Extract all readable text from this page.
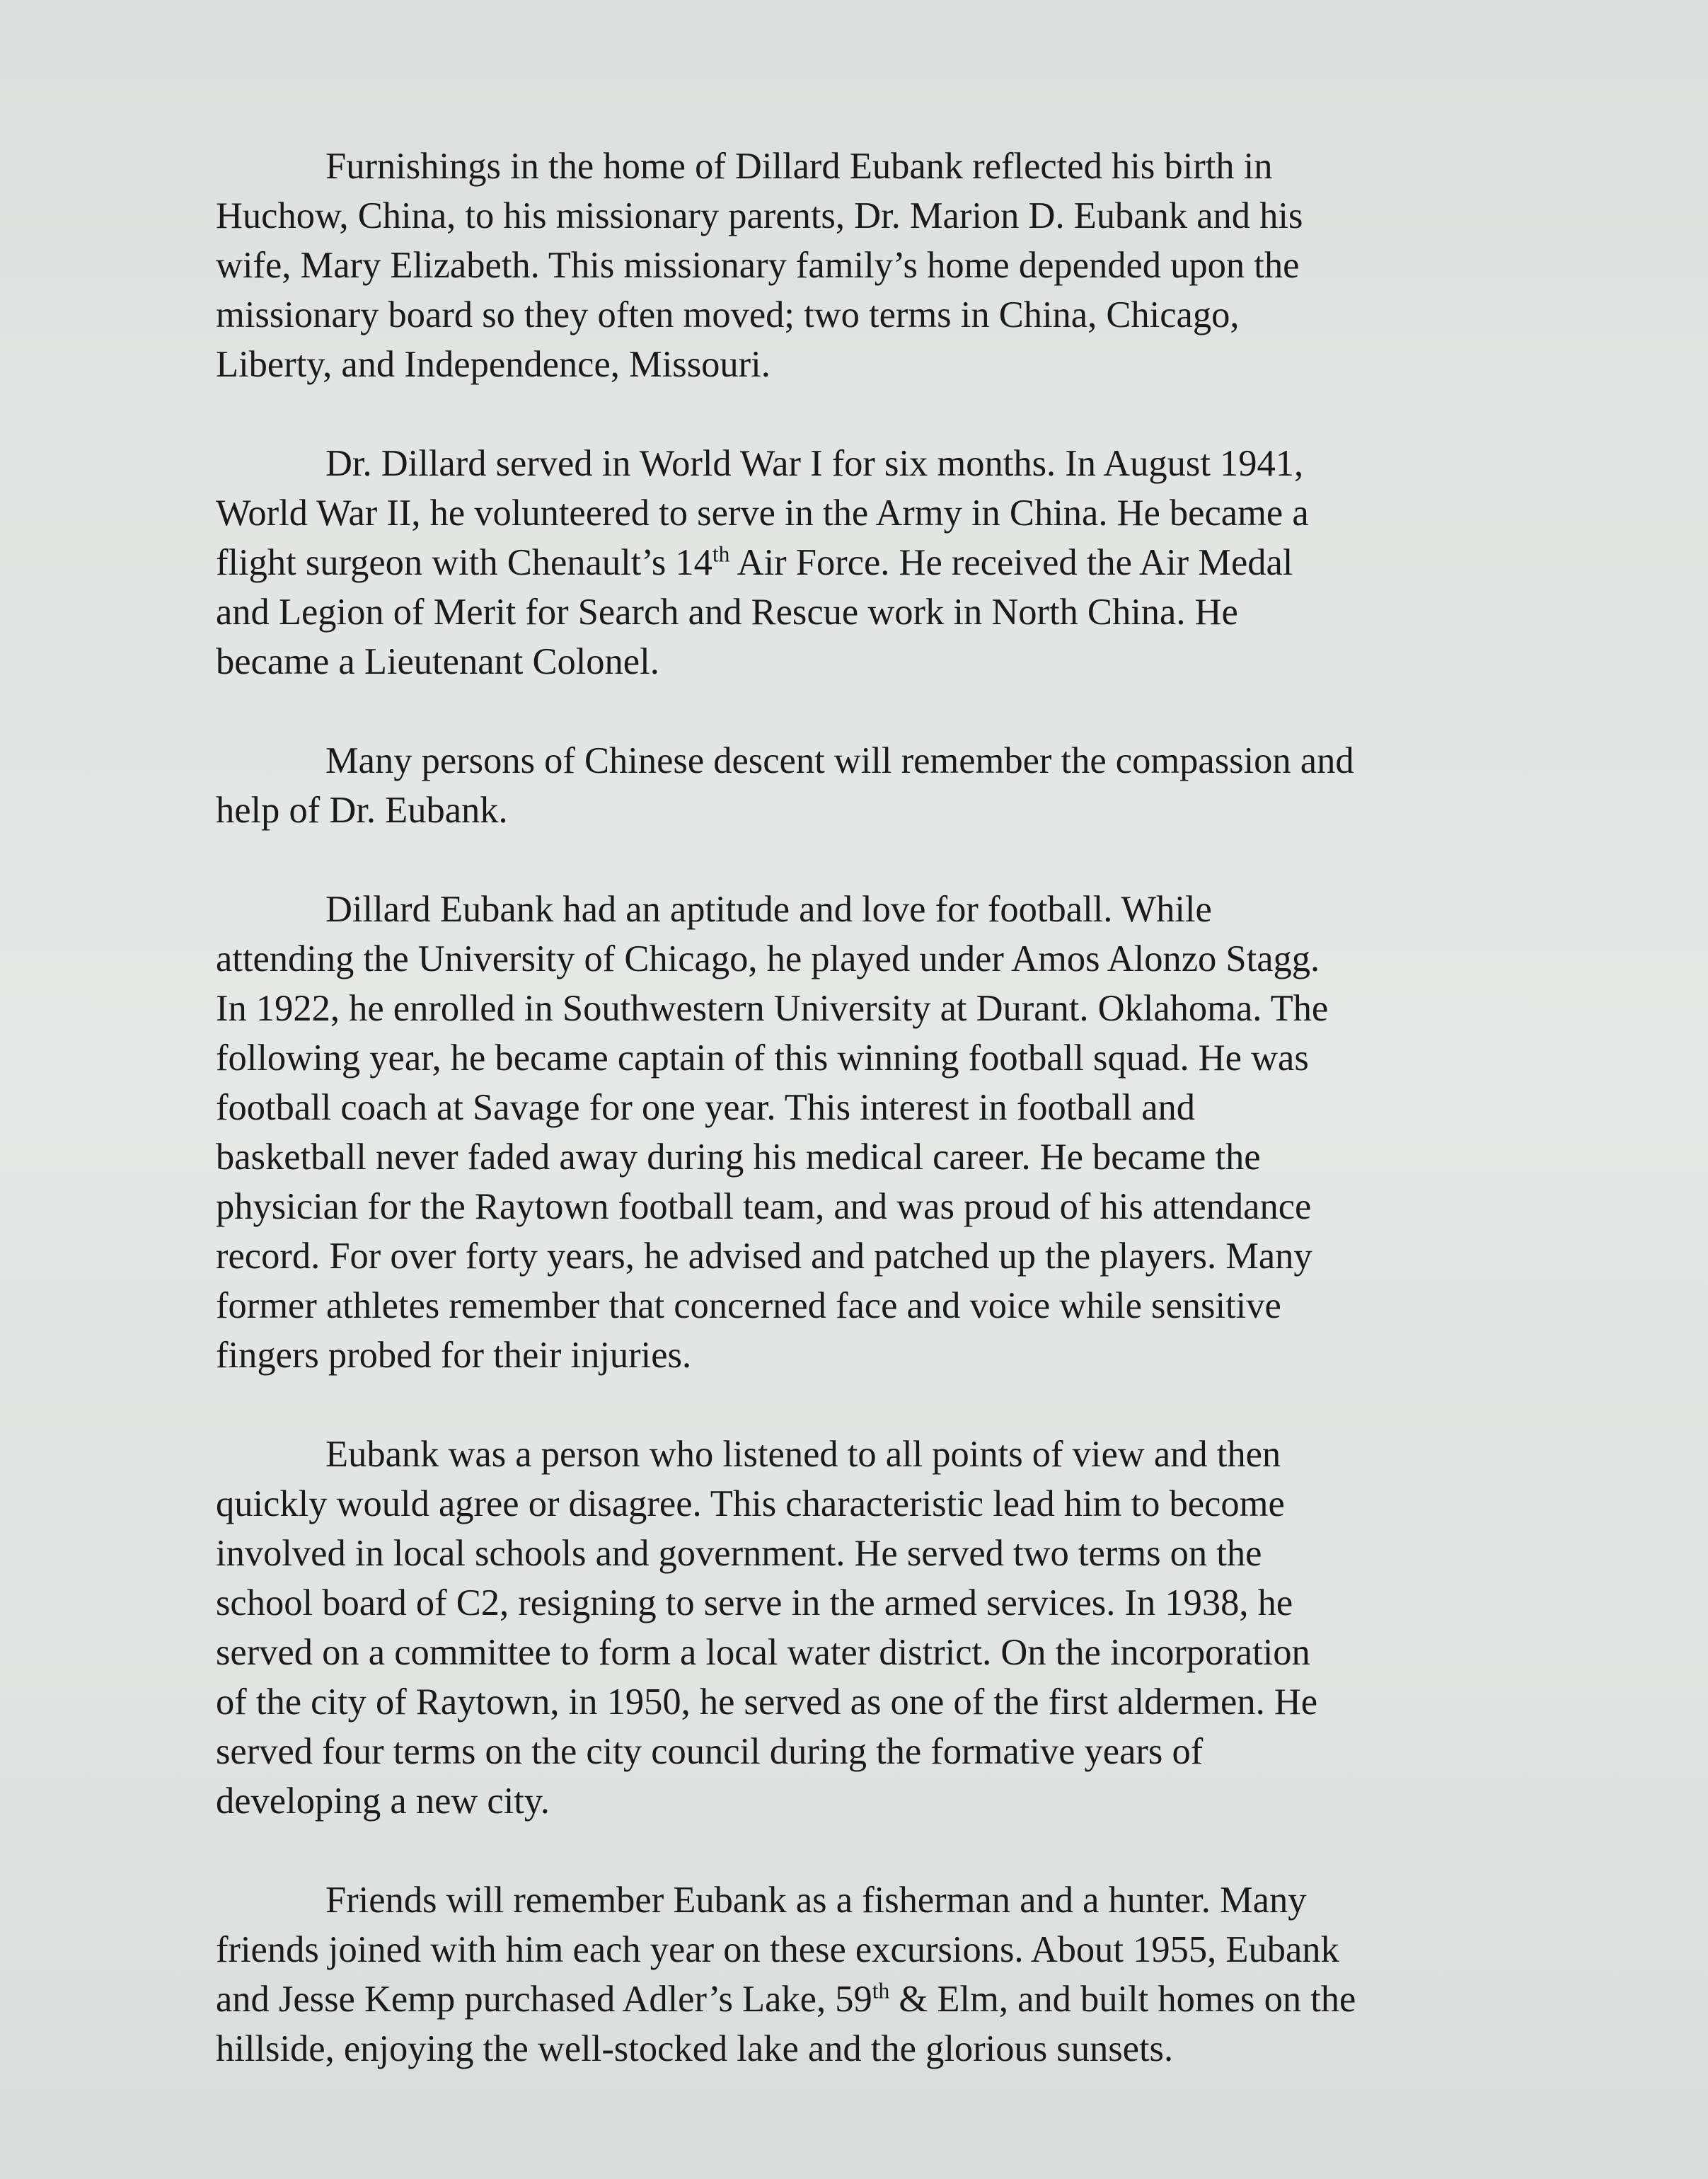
Furnishings in the home of Dillard Eubank reflected his birth in
Huchow, China, to his missionary parents, Dr. Marion D. Eubank and his
wife, Mary Elizabeth. This missionary family’s home depended upon the
missionary board so they often moved; two terms in China, Chicago,
Liberty, and Independence, Missouri.

Dr. Dillard served in World War I for six months. In August 1941,
World War II, he volunteered to serve in the Army in China. He became a
flight surgeon with Chenault’s 14th Air Force. He received the Air Medal
and Legion of Merit for Search and Rescue work in North China. He
became a Lieutenant Colonel.

Many persons of Chinese descent will remember the compassion and
help of Dr. Eubank.

Dillard Eubank had an aptitude and love for football. While
attending the University of Chicago, he played under Amos Alonzo Stagg.
In 1922, he enrolled in Southwestern University at Durant. Oklahoma. The
following year, he became captain of this winning football squad. He was
football coach at Savage for one year. This interest in football and
basketball never faded away during his medical career. He became the
physician for the Raytown football team, and was proud of his attendance
record. For over forty years, he advised and patched up the players. Many
former athletes remember that concerned face and voice while sensitive
fingers probed for their injuries.

Eubank was a person who listened to all points of view and then
quickly would agree or disagree. This characteristic lead him to become
involved in local schools and government. He served two terms on the
school board of C2, resigning to serve in the armed services. In 1938, he
served on a committee to form a local water district. On the incorporation
of the city of Raytown, in 1950, he served as one of the first aldermen. He
served four terms on the city council during the formative years of
developing a new city.

Friends will remember Eubank as a fisherman and a hunter. Many
friends joined with him each year on these excursions. About 1955, Eubank
and Jesse Kemp purchased Adler’s Lake, 59th & Elm, and built homes on the
hillside, enjoying the well-stocked lake and the glorious sunsets.
